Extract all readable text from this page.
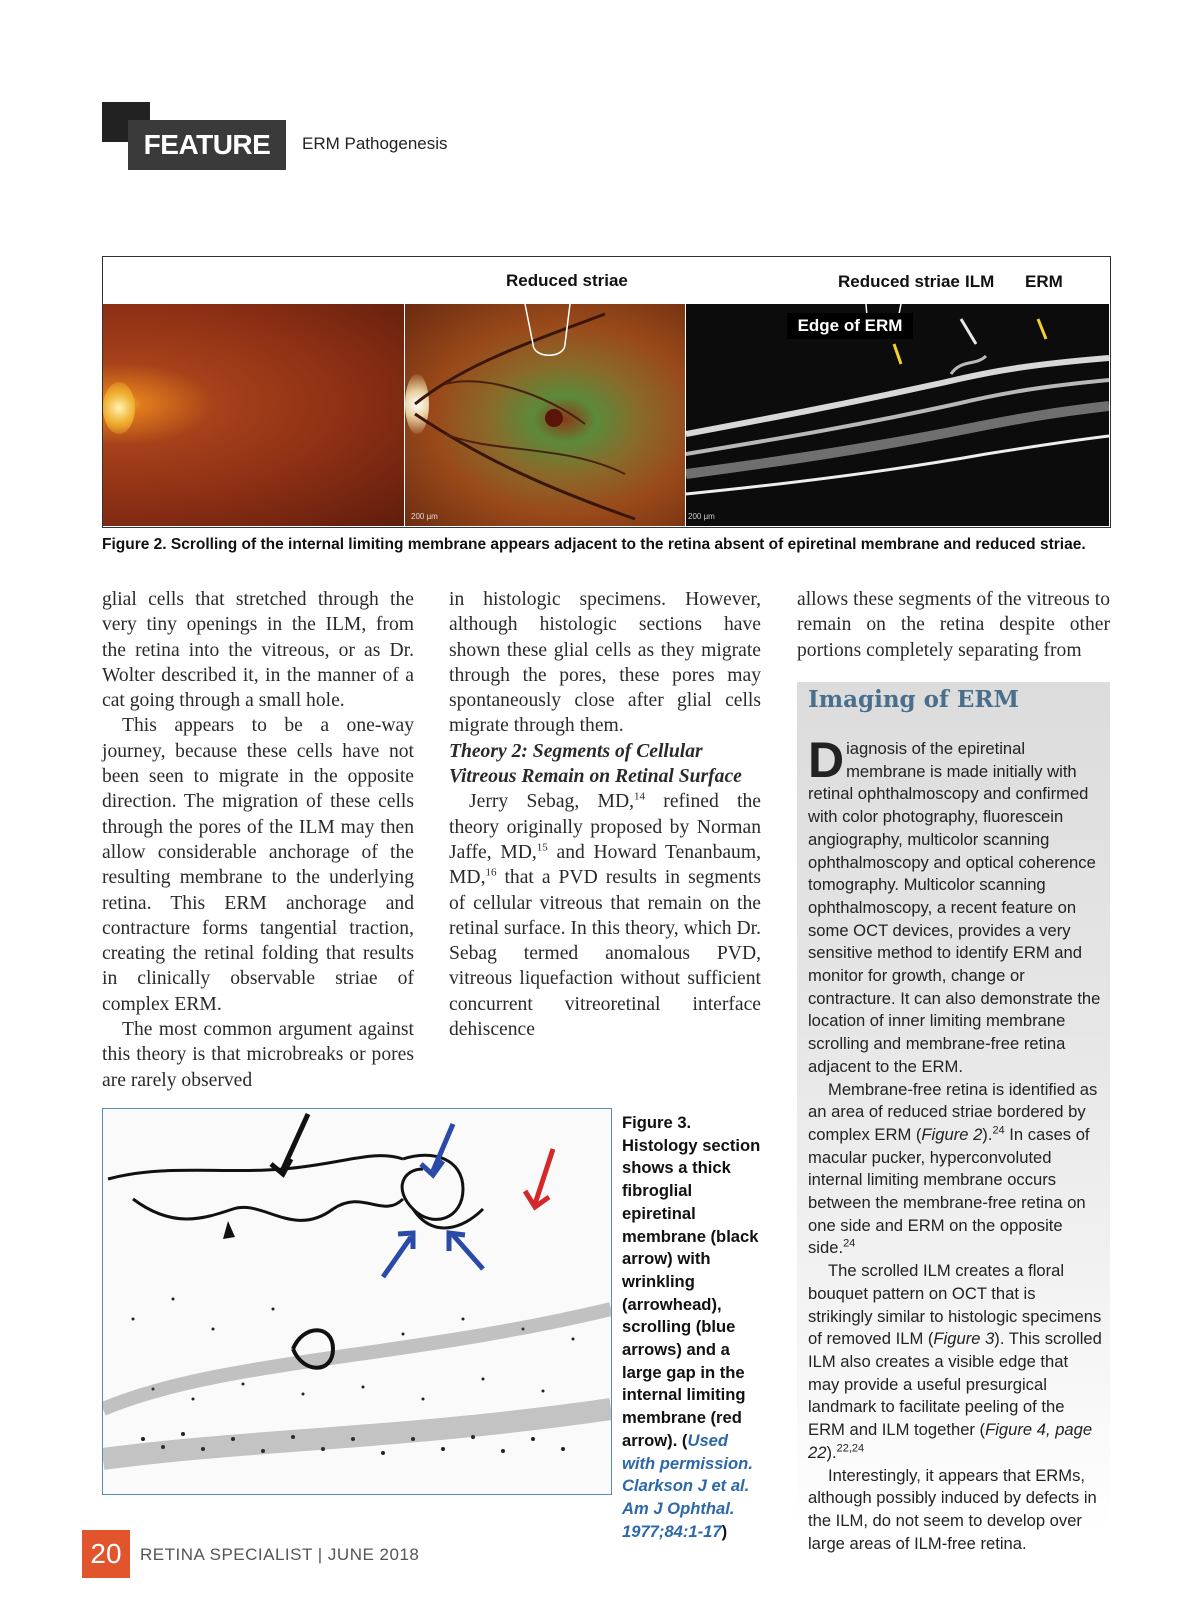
FEATURE	ERM Pathogenesis
Reduced striae	Reduced striae ILM ERM
200 µm	200 µm
Edge of ERM
Figure 2. Scrolling of the internal limiting membrane appears adjacent to the retina absent of epiretinal membrane and reduced striae.

glial cells that stretched through the very tiny openings in the ILM, from the retina into the vitreous, or as Dr. Wolter described it, in the manner of a cat going through a small hole.

This appears to be a one-way journey, because these cells have not been seen to migrate in the opposite direction. The migration of these cells through the pores of the ILM may then allow considerable anchorage of the resulting membrane to the underlying retina. This ERM anchorage and contracture forms tangential traction, creating the retinal folding that results in clinically observable striae of complex ERM.

The most common argument against this theory is that microbreaks or pores are rarely observed

in histologic specimens. However, although histologic sections have shown these glial cells as they migrate through the pores, these pores may spontaneously close after glial cells migrate through them.

Theory 2: Segments of Cellular Vitreous Remain on Retinal Surface

Jerry Sebag, MD,$^{14}$ refined the theory originally proposed by Norman Jaffe, MD,$^{15}$ and Howard Tenanbaum, MD,$^{16}$ that a PVD results in segments of cellular vitreous that remain on the retinal surface. In this theory, which Dr. Sebag termed anomalous PVD, vitreous liquefaction without sufficient concurrent vitreoretinal interface dehiscence

allows these segments of the vitreous to remain on the retina despite other portions completely separating from

Imaging of ERM

Diagnosis of the epiretinal membrane is made initially with retinal ophthalmoscopy and confirmed with color photography, fluorescein angiography, multicolor scanning ophthalmoscopy and optical coherence tomography. Multicolor scanning ophthalmoscopy, a recent feature on some OCT devices, provides a very sensitive method to identify ERM and monitor for growth, change or contracture. It can also demonstrate the location of inner limiting membrane scrolling and membrane-free retina adjacent to the ERM.

Membrane-free retina is identified as an area of reduced striae bordered by complex ERM (Figure 2).$^{24}$ In cases of macular pucker, hyperconvoluted internal limiting membrane occurs between the membrane-free retina on one side and ERM on the opposite side.$^{24}$

The scrolled ILM creates a floral bouquet pattern on OCT that is strikingly similar to histologic specimens of removed ILM (Figure 3). This scrolled ILM also creates a visible edge that may provide a useful presurgical landmark to facilitate peeling of the ERM and ILM together (Figure 4, page 22).$^{22,24}$

Interestingly, it appears that ERMs, although possibly induced by defects in the ILM, do not seem to develop over large areas of ILM-free retina.

Figure 3. Histology section shows a thick fibroglial epiretinal membrane (black arrow) with wrinkling (arrowhead), scrolling (blue arrows) and a large gap in the internal limiting membrane (red arrow). (Used with permission. Clarkson J et al. Am J Ophthal. 1977;84:1-17)
20	RETINA SPECIALIST | JUNE 2018
